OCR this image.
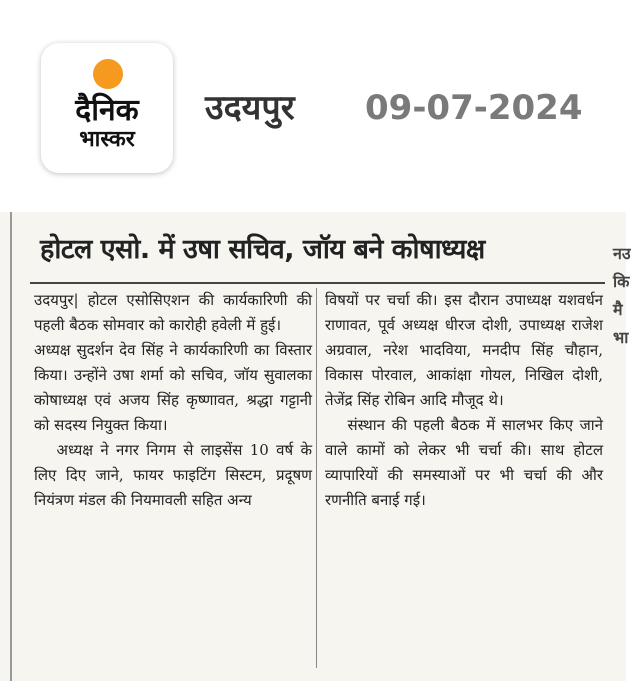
दैनिक
भास्कर
उदयपुर 09-07-2024
होटल एसो. में उषा सचिव, जॉय बने कोषाध्यक्ष

उदयपुर| होटल एसोसिएशन की कार्यकारिणी की पहली बैठक सोमवार को कारोही हवेली में हुई।

अध्यक्ष सुदर्शन देव सिंह ने कार्यकारिणी का विस्तार किया। उन्होंने उषा शर्मा को सचिव, जॉय सुवालका कोषाध्यक्ष एवं अजय सिंह कृष्णावत, श्रद्धा गट्टानी को सदस्य नियुक्त किया।

अध्यक्ष ने नगर निगम से लाइसेंस 10 वर्ष के लिए दिए जाने, फायर फाइटिंग सिस्टम, प्रदूषण नियंत्रण मंडल की नियमावली सहित अन्य

विषयों पर चर्चा की। इस दौरान उपाध्यक्ष यशवर्धन राणावत, पूर्व अध्यक्ष धीरज दोशी, उपाध्यक्ष राजेश अग्रवाल, नरेश भादविया, मनदीप सिंह चौहान, विकास पोरवाल, आकांक्षा गोयल, निखिल दोशी, तेजेंद्र सिंह रोबिन आदि मौजूद थे।

संस्थान की पहली बैठक में सालभर किए जाने वाले कामों को लेकर भी चर्चा की। साथ होटल व्यापारियों की समस्याओं पर भी चर्चा की और रणनीति बनाई गई।

नउ
कि
मै
भा
